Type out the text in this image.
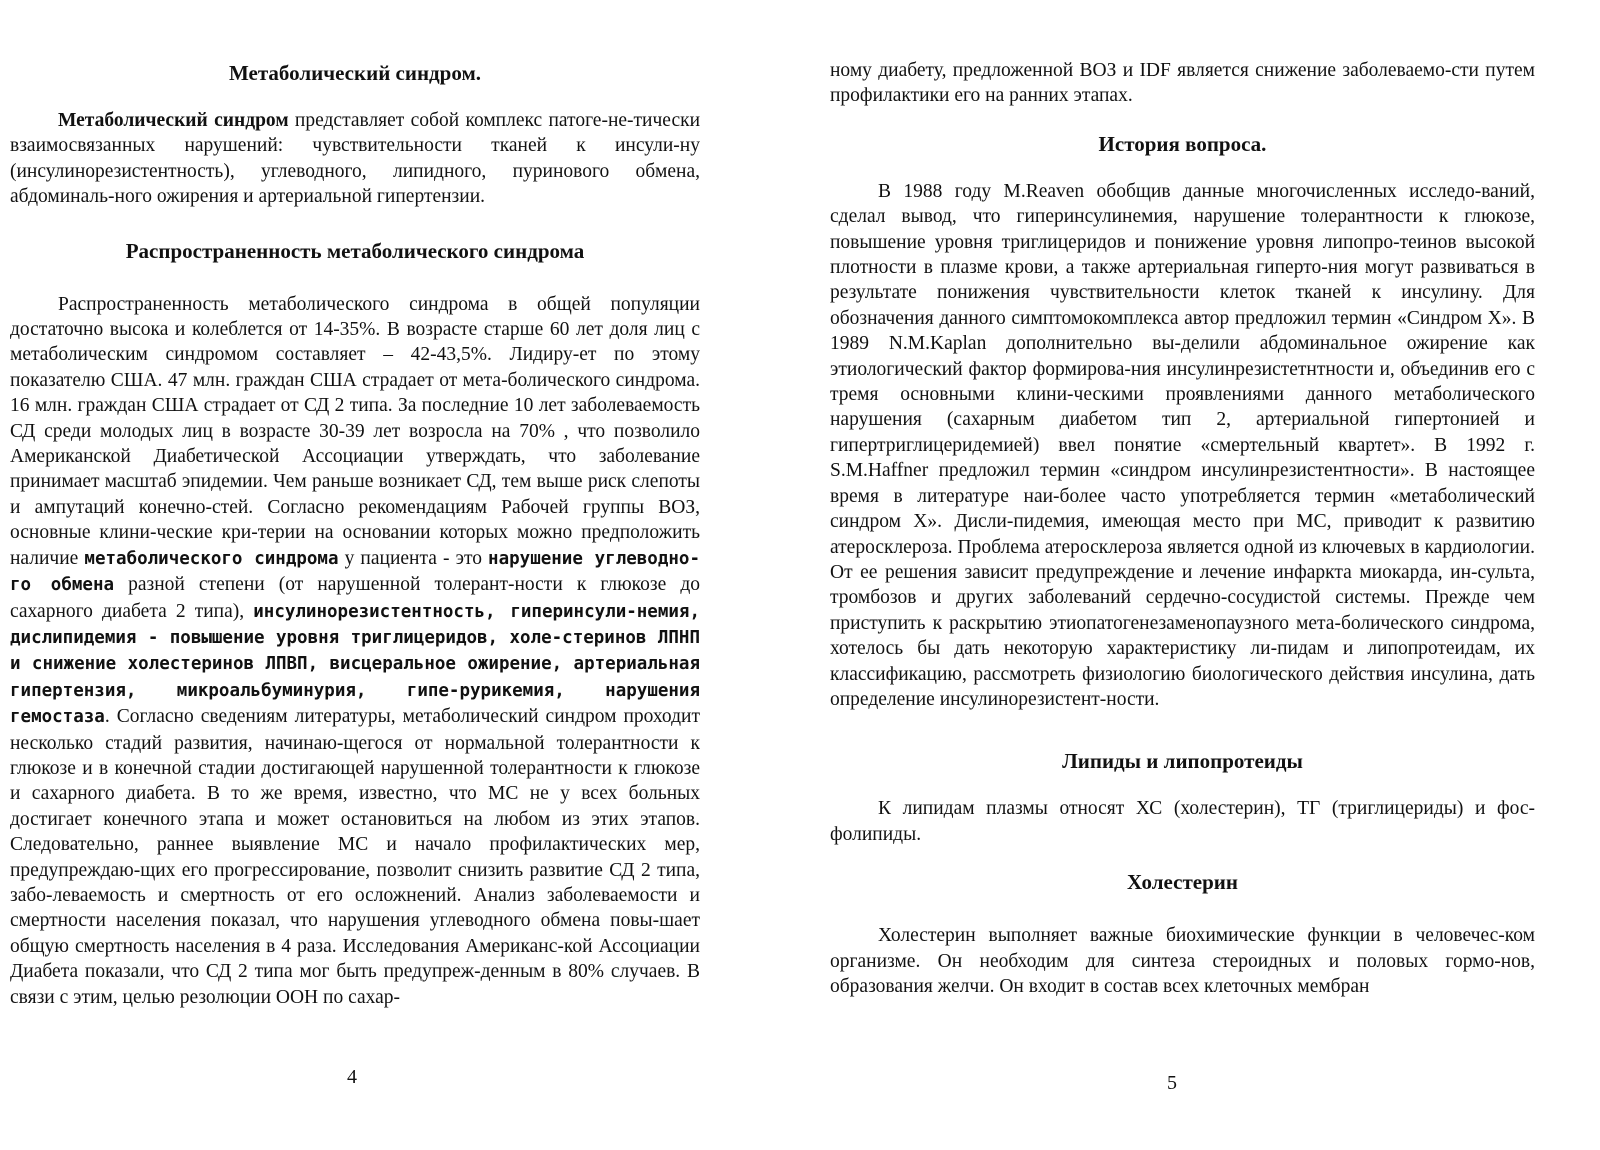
Метаболический синдром.

Метаболический синдром представляет собой комплекс патоге-не-тически взаимосвязанных нарушений: чувствительности тканей к инсули-ну (инсулинорезистентность), углеводного, липидного, пуринового обмена, абдоминаль-ного ожирения и артериальной гипертензии.

Распространенность метаболического синдрома

Распространенность метаболического синдрома в общей популяции достаточно высока и колеблется от 14-35%. В возрасте старше 60 лет доля лиц с метаболическим синдромом составляет – 42-43,5%. Лидиру-ет по этому показателю США. 47 млн. граждан США страдает от мета-болического синдрома. 16 млн. граждан США страдает от СД 2 типа. За последние 10 лет заболеваемость СД среди молодых лиц в возрасте 30-39 лет возросла на 70% , что позволило Американской Диабетической Ассоциации утверждать, что заболевание принимает масштаб эпидемии. Чем раньше возникает СД, тем выше риск слепоты и ампутаций конечно-стей. Согласно рекомендациям Рабочей группы ВОЗ, основные клини-ческие кри-терии на основании которых можно предположить наличие метаболического синдрома у пациента - это нарушение углеводно-го обмена разной степени (от нарушенной толерант-ности к глюкозе до сахарного диабета 2 типа), инсулинорезистентность, гиперинсули-немия, дислипидемия - повышение уровня триглицеридов, холе-стеринов ЛПНП и снижение холестеринов ЛПВП, висцеральное ожирение, артериальная гипертензия, микроальбуминурия, гипе-рурикемия, нарушения гемостаза. Согласно сведениям литературы, метаболический синдром проходит несколько стадий развития, начинаю-щегося от нормальной толерантности к глюкозе и в конечной стадии достигающей нарушенной толерантности к глюкозе и сахарного диабета. В то же время, известно, что МС не у всех больных достигает конечного этапа и может остановиться на любом из этих этапов. Следовательно, раннее выявление МС и начало профилактических мер, предупреждаю-щих его прогрессирование, позволит снизить развитие СД 2 типа, забо-леваемость и смертность от его осложнений. Анализ заболеваемости и смертности населения показал, что нарушения углеводного обмена повы-шает общую смертность населения в 4 раза. Исследования Американс-кой Ассоциации Диабета показали, что СД 2 типа мог быть предупреж-денным в 80% случаев. В связи с этим, целью резолюции ООН по сахар-

4

ному диабету, предложенной ВОЗ и IDF является снижение заболеваемо-сти путем профилактики его на ранних этапах.

История вопроса.

В 1988 году M.Reaven обобщив данные многочисленных исследо-ваний, сделал вывод, что гиперинсулинемия, нарушение толерантности к глюкозе, повышение уровня триглицеридов и понижение уровня липопро-теинов высокой плотности в плазме крови, а также артериальная гиперто-ния могут развиваться в результате понижения чувствительности клеток тканей к инсулину. Для обозначения данного симптомокомплекса автор предложил термин «Синдром X». В 1989 N.M.Kaplan дополнительно вы-делили абдоминальное ожирение как этиологический фактор формирова-ния инсулинрезистетнтности и, объединив его с тремя основными клини-ческими проявлениями данного метаболического нарушения (сахарным диабетом тип 2, артериальной гипертонией и гипертриглицеридемией) ввел понятие «смертельный квартет». В 1992 г. S.M.Haffner предложил термин «синдром инсулинрезистентности». В настоящее время в литературе наи-более часто употребляется термин «метаболический синдром X». Дисли-пидемия, имеющая место при МС, приводит к развитию атеросклероза. Проблема атеросклероза является одной из ключевых в кардиологии. От ее решения зависит предупреждение и лечение инфаркта миокарда, ин-сульта, тромбозов и других заболеваний сердечно-сосудистой системы. Прежде чем приступить к раскрытию этиопатогенезаменопаузного мета-болического синдрома, хотелось бы дать некоторую характеристику ли-пидам и липопротеидам, их классификацию, рассмотреть физиологию биологического действия инсулина, дать определение инсулинорезистент-ности.

Липиды и липопротеиды

К липидам плазмы относят ХС (холестерин), ТГ (триглицериды) и фос-фолипиды.

Холестерин

Холестерин выполняет важные биохимические функции в человечес-ком организме. Он необходим для синтеза стероидных и половых гормо-нов, образования желчи. Он входит в состав всех клеточных мембран

5
